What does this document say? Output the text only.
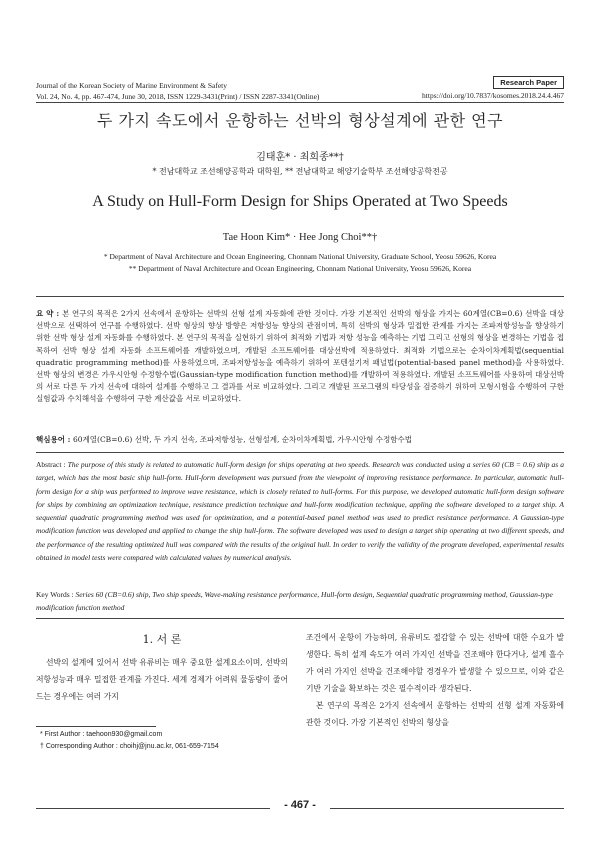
Journal of the Korean Society of Marine Environment & Safety
Vol. 24, No. 4, pp. 467-474, June 30, 2018, ISSN 1229-3431(Print) / ISSN 2287-3341(Online)
Research Paper
https://doi.org/10.7837/kosomes.2018.24.4.467
두 가지 속도에서 운항하는 선박의 형상설계에 관한 연구
김태훈* · 최희종**†
* 전남대학교 조선해양공학과 대학원, ** 전남대학교 해양기술학부 조선해양공학전공
A Study on Hull-Form Design for Ships Operated at Two Speeds
Tae Hoon Kim* · Hee Jong Choi**†
* Department of Naval Architecture and Ocean Engineering, Chonnam National University, Graduate School, Yeosu 59626, Korea
** Department of Naval Architecture and Ocean Engineering, Chonnam National University, Yeosu 59626, Korea
요 약 : 본 연구의 목적은 2가지 선속에서 운항하는 선박의 선형 설계 자동화에 관한 것이다. 가장 기본적인 선박의 형상을 가지는 60계열(CB=0.6) 선박을 대상선박으로 선택하여 연구를 수행하였다. 선박 형상의 향상 방향은 저항성능 향상의 관점이며, 특히 선박의 형상과 밀접한 관계를 가지는 조파저항성능을 향상하기 위한 선박 형상 설계 자동화를 수행하였다. 본 연구의 목적을 실현하기 위하여 최적화 기법과 저항 성능을 예측하는 기법 그리고 선형의 형상을 변경하는 기법을 접목하여 선박 형상 설계 자동화 소프트웨어를 개발하였으며, 개발된 소프트웨어를 대상선박에 적용하였다. 최적화 기법으로는 순차이차계획법(sequential quadratic programming method)를 사용하였으며, 조파저항성능을 예측하기 위하여 포텐셜기저 패널법(potential-based panel method)을 사용하였다. 선박 형상의 변경은 가우시안형 수정함수법(Gaussian-type modification function method)를 개발하여 적용하였다. 개발된 소프트웨어를 사용하여 대상선박의 서로 다른 두 가지 선속에 대하여 설계를 수행하고 그 결과를 서로 비교하였다. 그리고 개발된 프로그램의 타당성을 검증하기 위하여 모형시험을 수행하여 구한 실험값과 수치해석을 수행하여 구한 계산값을 서로 비교하였다.
핵심용어 : 60계열(CB=0.6) 선박, 두 가지 선속, 조파저항성능, 선형설계, 순차이차계획법, 가우시안형 수정함수법
Abstract : The purpose of this study is related to automatic hull-form design for ships operating at two speeds. Research was conducted using a series 60 (CB = 0.6) ship as a target, which has the most basic ship hull-form. Hull-form development was pursued from the viewpoint of improving resistance performance. In particular, automatic hull-form design for a ship was performed to improve wave resistance, which is closely related to hull-forms. For this purpose, we developed automatic hull-form design software for ships by combining an optimization technique, resistance prediction technique and hull-form modification technique, appling the software developed to a target ship. A sequential quadratic programming method was used for optimization, and a potential-based panel method was used to predict resistance performance. A Gaussian-type modification function was developed and applied to change the ship hull-form. The software developed was used to design a target ship operating at two different speeds, and the performance of the resulting optimized hull was compared with the results of the original hull. In order to verify the validity of the program developed, experimental results obtained in model tests were compared with calculated values by numerical analysis.
Key Words : Series 60 (CB=0.6) ship, Two ship speeds, Wave-making resistance performance, Hull-form design, Sequential quadratic programming method, Gaussian-type modification function method
1. 서 론
선박의 설계에 있어서 선박 유류비는 매우 중요한 설계요소이며, 선박의 저항성능과 매우 밀접한 관계를 가진다. 세계 경제가 어려워 물동량이 줄어드는 경우에는 여러 가지
조건에서 운항이 가능하며, 유류비도 절감할 수 있는 선박에 대한 수요가 발생한다. 특히 설계 속도가 여러 가지인 선박을 건조해야 한다거나, 설계 흘수가 여러 가지인 선박을 건조해야할 경경우가 발생할 수 있으므로, 이와 같은 기반 기술을 확보하는 것은 필수적이라 생각된다.
본 연구의 목적은 2가지 선속에서 운항하는 선박의 선형 설계 자동화에 관한 것이다. 가장 기본적인 선박의 형상을
* First Author : taehoon930@gmail.com
† Corresponding Author : choihj@jnu.ac.kr, 061-659-7154
- 467 -
